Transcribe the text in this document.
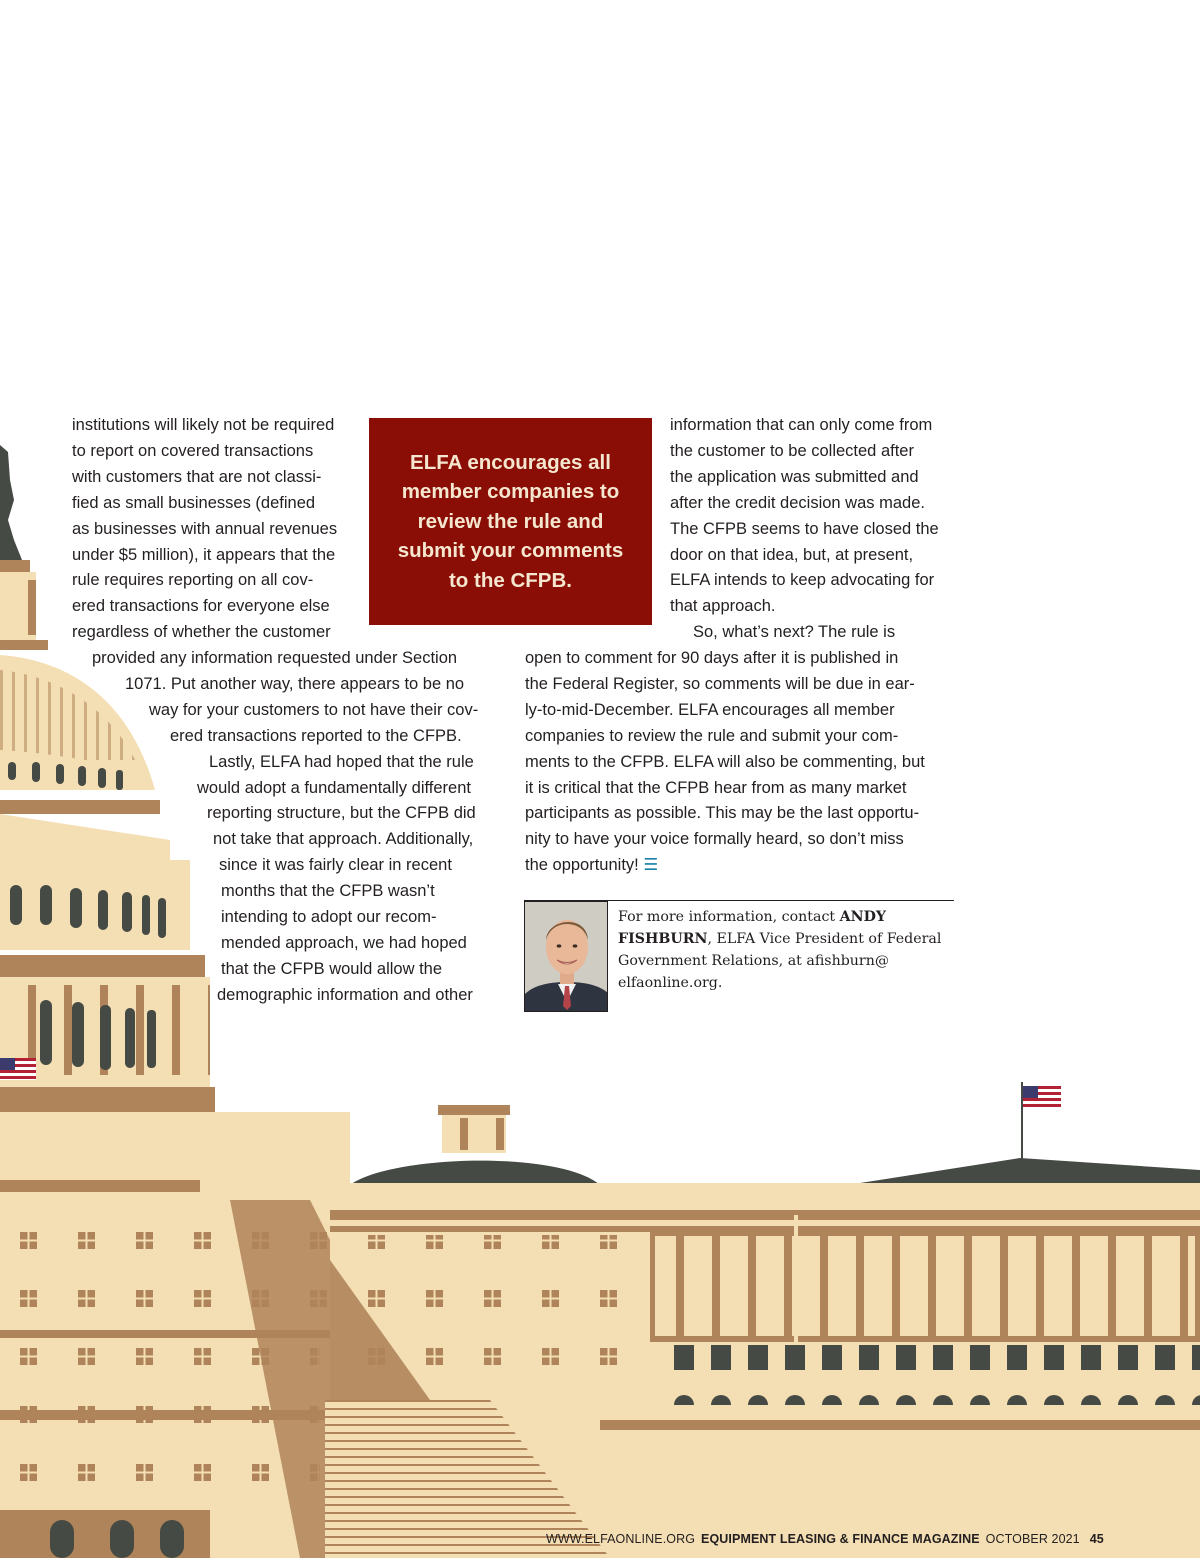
institutions will likely not be required
to report on covered transactions
with customers that are not classi-
fied as small businesses (defined
as businesses with annual revenues
under $5 million), it appears that the
rule requires reporting on all cov-
ered transactions for everyone else
regardless of whether the customer
provided any information requested under Section
1071. Put another way, there appears to be no
way for your customers to not have their cov-
ered transactions reported to the CFPB.
Lastly, ELFA had hoped that the rule
would adopt a fundamentally different
reporting structure, but the CFPB did
not take that approach. Additionally,
since it was fairly clear in recent
months that the CFPB wasn’t
intending to adopt our recom-
mended approach, we had hoped
that the CFPB would allow the
demographic information and other
ELFA encourages all
member companies to
review the rule and
submit your comments
to the CFPB.
information that can only come from
the customer to be collected after
the application was submitted and
after the credit decision was made.
The CFPB seems to have closed the
door on that idea, but, at present,
ELFA intends to keep advocating for
that approach.
So, what’s next? The rule is
open to comment for 90 days after it is published in
the Federal Register, so comments will be due in ear-
ly-to-mid-December. ELFA encourages all member
companies to review the rule and submit your com-
ments to the CFPB. ELFA will also be commenting, but
it is critical that the CFPB hear from as many market
participants as possible. This may be the last opportu-
nity to have your voice formally heard, so don’t miss
the opportunity! ☰
For more information, contact ANDY
FISHBURN, ELFA Vice President of Federal
Government Relations, at afishburn@
elfaonline.org.
WWW.ELFAONLINE.ORG EQUIPMENT LEASING & FINANCE MAGAZINE OCTOBER 2021 45
